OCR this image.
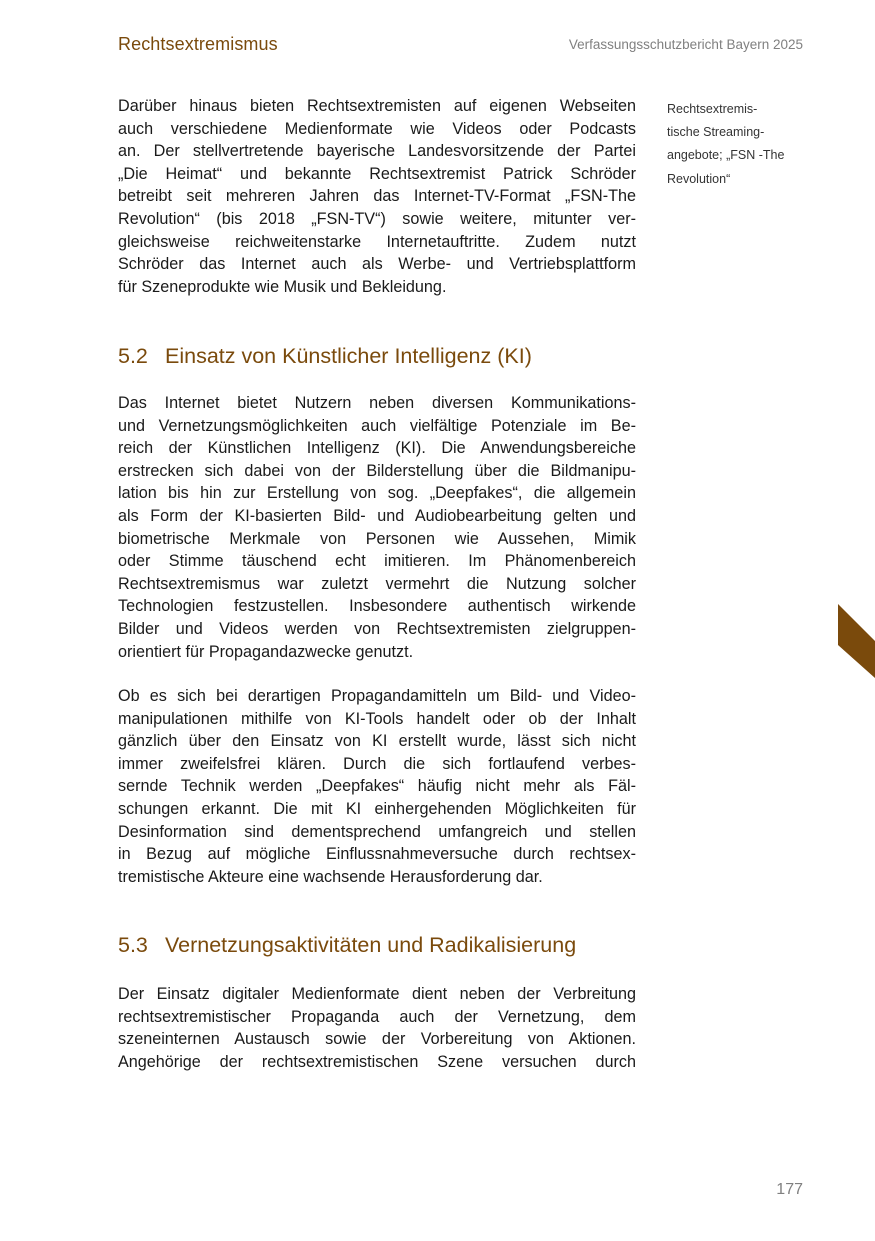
Rechtsextremismus	Verfassungsschutzbericht Bayern 2025
Darüber hinaus bieten Rechtsextremisten auf eigenen Webseiten
auch verschiedene Medienformate wie Videos oder Podcasts
an. Der stellvertretende bayerische Landesvorsitzende der Partei
„Die Heimat“ und bekannte Rechtsextremist Patrick Schröder
betreibt seit mehreren Jahren das Internet-TV-Format „FSN-The
Revolution“ (bis 2018 „FSN-TV“) sowie weitere, mitunter ver-
gleichsweise reichweitenstarke Internetauftritte. Zudem nutzt
Schröder das Internet auch als Werbe- und Vertriebsplattform
für Szeneprodukte wie Musik und Bekleidung.
Rechtsextremis-
tische Streaming-
angebote; „FSN -The
Revolution“
5.2 Einsatz von Künstlicher Intelligenz (KI)
Das Internet bietet Nutzern neben diversen Kommunikations-
und Vernetzungsmöglichkeiten auch vielfältige Potenziale im Be-
reich der Künstlichen Intelligenz (KI). Die Anwendungsbereiche
erstrecken sich dabei von der Bilderstellung über die Bildmanipu-
lation bis hin zur Erstellung von sog. „Deepfakes“, die allgemein
als Form der KI-basierten Bild- und Audiobearbeitung gelten und
biometrische Merkmale von Personen wie Aussehen, Mimik
oder Stimme täuschend echt imitieren. Im Phänomenbereich
Rechtsextremismus war zuletzt vermehrt die Nutzung solcher
Technologien festzustellen. Insbesondere authentisch wirkende
Bilder und Videos werden von Rechtsextremisten zielgruppen-
orientiert für Propagandazwecke genutzt.
Ob es sich bei derartigen Propagandamitteln um Bild- und Video-
manipulationen mithilfe von KI-Tools handelt oder ob der Inhalt
gänzlich über den Einsatz von KI erstellt wurde, lässt sich nicht
immer zweifelsfrei klären. Durch die sich fortlaufend verbes-
sernde Technik werden „Deepfakes“ häufig nicht mehr als Fäl-
schungen erkannt. Die mit KI einhergehenden Möglichkeiten für
Desinformation sind dementsprechend umfangreich und stellen
in Bezug auf mögliche Einflussnahmeversuche durch rechtsex-
tremistische Akteure eine wachsende Herausforderung dar.
5.3 Vernetzungsaktivitäten und Radikalisierung
Der Einsatz digitaler Medienformate dient neben der Verbreitung
rechtsextremistischer Propaganda auch der Vernetzung, dem
szeneinternen Austausch sowie der Vorbereitung von Aktionen.
Angehörige der rechtsextremistischen Szene versuchen durch
177
